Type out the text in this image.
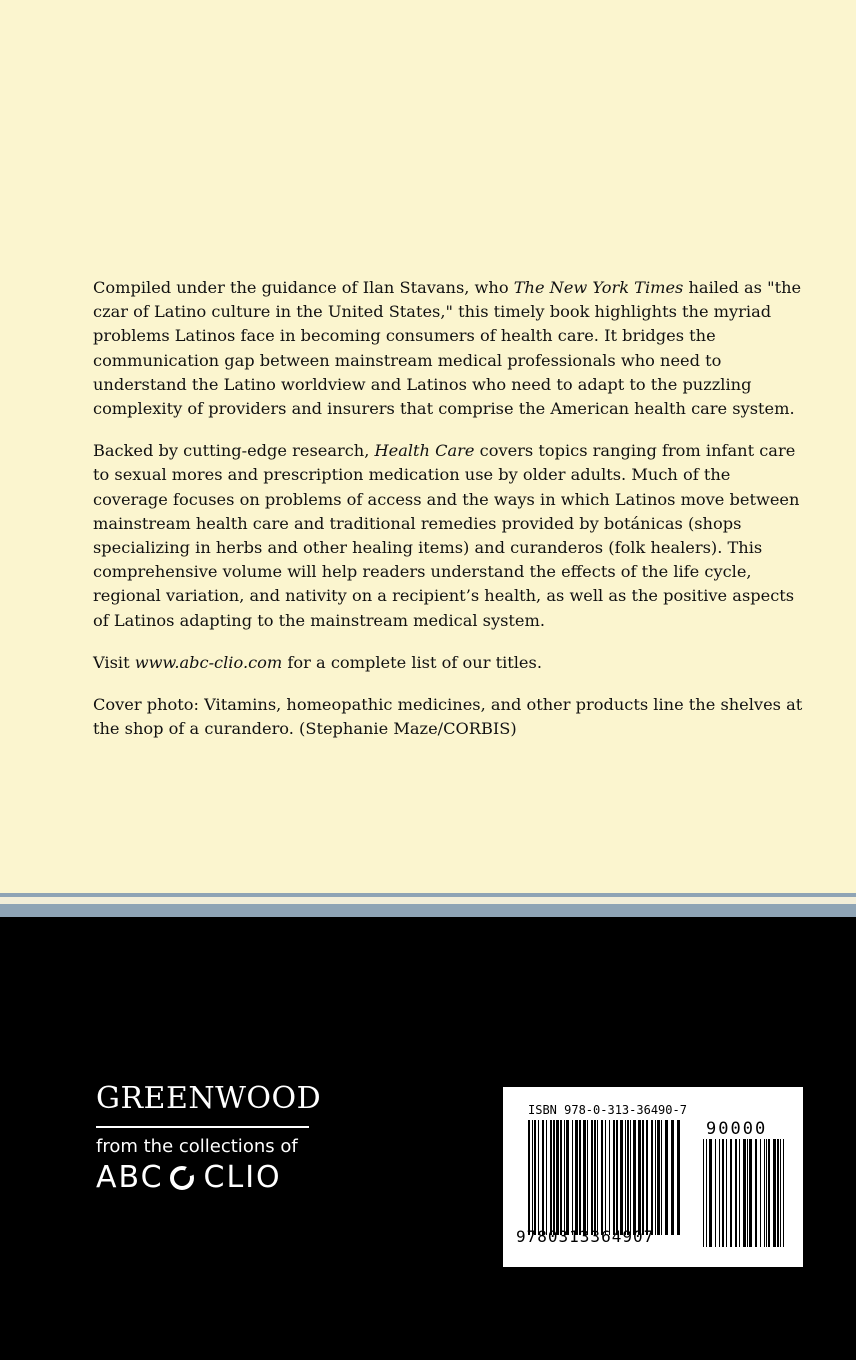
Compiled under the guidance of Ilan Stavans, who The New York Times hailed as "the czar of Latino culture in the United States," this timely book highlights the myriad problems Latinos face in becoming consumers of health care. It bridges the communication gap between mainstream medical professionals who need to understand the Latino worldview and Latinos who need to adapt to the puzzling complexity of providers and insurers that comprise the American health care system.

Backed by cutting-edge research, Health Care covers topics ranging from infant care to sexual mores and prescription medication use by older adults. Much of the coverage focuses on problems of access and the ways in which Latinos move between mainstream health care and traditional remedies provided by botánicas (shops specializing in herbs and other healing items) and curanderos (folk healers). This comprehensive volume will help readers understand the effects of the life cycle, regional variation, and nativity on a recipient’s health, as well as the positive aspects of Latinos adapting to the mainstream medical system.

Visit www.abc-clio.com for a complete list of our titles.

Cover photo: Vitamins, homeopathic medicines, and other products line the shelves at the shop of a curandero. (Stephanie Maze/CORBIS)

GREENWOOD
from the collections of
ABC CLIO
ISBN 978-0-313-36490-7
9780313364907
90000
